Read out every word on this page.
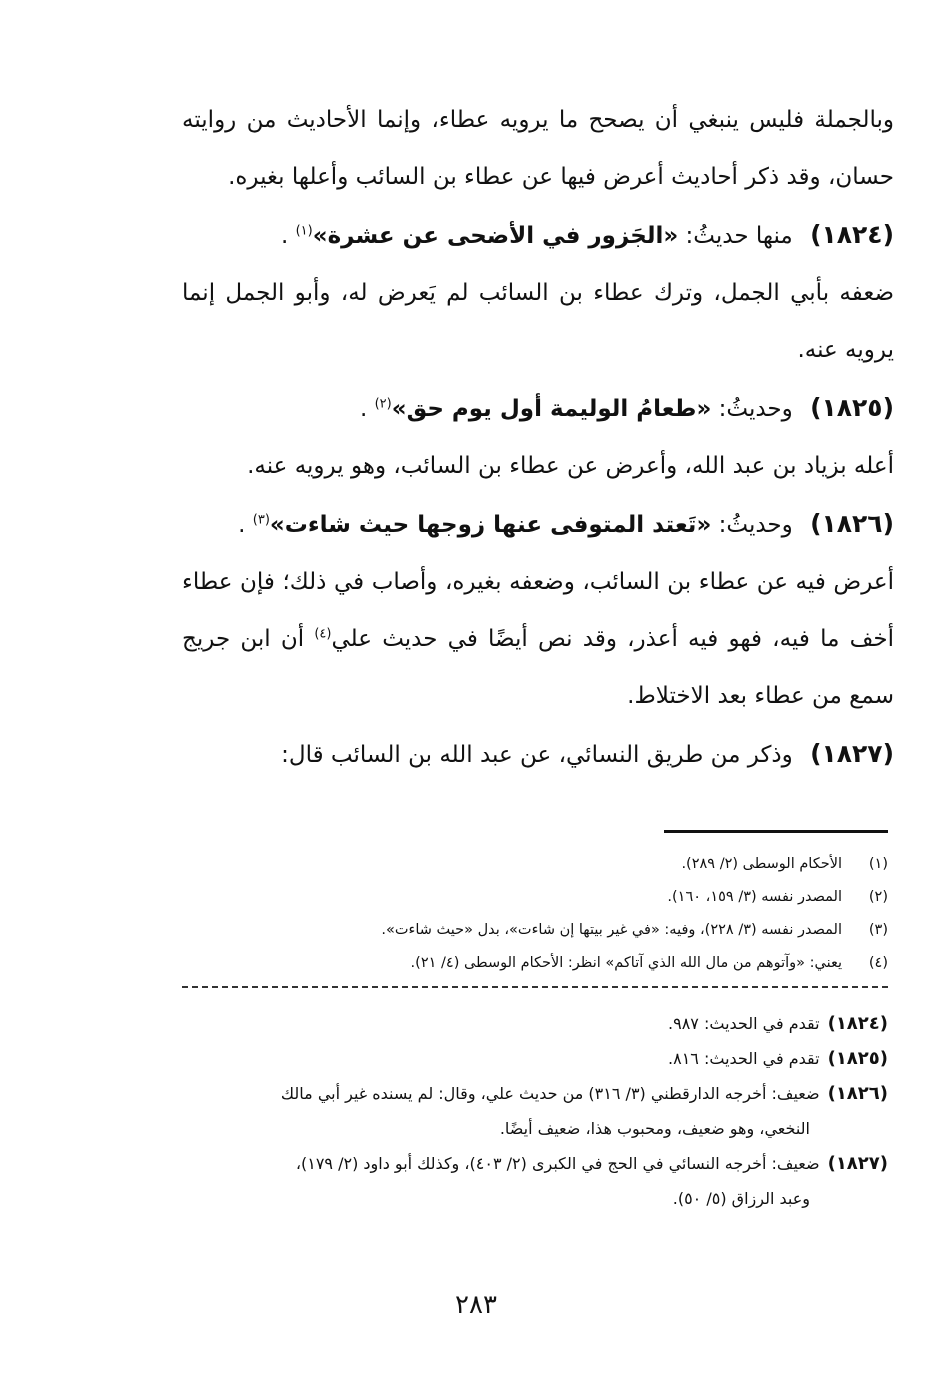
وبالجملة فليس ينبغي أن يصحح ما يرويه عطاء، وإنما الأحاديث من روايته حسان، وقد ذكر أحاديث أعرض فيها عن عطاء بن السائب وأعلها بغيره.

(١٨٢٤) منها حديثُ: «الجَزور في الأضحى عن عشرة»$^{(١)}$ .

ضعفه بأبي الجمل، وترك عطاء بن السائب لم يَعرض له، وأبو الجمل إنما يرويه عنه.

(١٨٢٥) وحديثُ: «طعامُ الوليمة أول يوم حق»$^{(٢)}$ .

أعله بزياد بن عبد الله، وأعرض عن عطاء بن السائب، وهو يرويه عنه.

(١٨٢٦) وحديثُ: «تَعتد المتوفى عنها زوجها حيث شاءت»$^{(٣)}$ .

أعرض فيه عن عطاء بن السائب، وضعفه بغيره، وأصاب في ذلك؛ فإن عطاء أخف ما فيه، فهو فيه أعذر، وقد نص أيضًا في حديث علي$^{(٤)}$ أن ابن جريج سمع من عطاء بعد الاختلاط.

(١٨٢٧) وذكر من طريق النسائي، عن عبد الله بن السائب قال:

(١)الأحكام الوسطى (٢/ ٢٨٩).
(٢)المصدر نفسه (٣/ ١٥٩، ١٦٠).
(٣)المصدر نفسه (٣/ ٢٢٨)، وفيه: «في غير بيتها إن شاءت»، بدل «حيث شاءت».
(٤)يعني: «وآتوهم من مال الله الذي آتاكم» انظر: الأحكام الوسطى (٤/ ٢١).
(١٨٢٤)تقدم في الحديث: ٩٨٧.
(١٨٢٥)تقدم في الحديث: ٨١٦.
(١٨٢٦)ضعيف: أخرجه الدارقطني (٣/ ٣١٦) من حديث علي، وقال: لم يسنده غير أبي مالك
النخعي، وهو ضعيف، ومحبوب هذا، ضعيف أيضًا.
(١٨٢٧)ضعيف: أخرجه النسائي في الحج في الكبرى (٢/ ٤٠٣)، وكذلك أبو داود (٢/ ١٧٩)،
وعبد الرزاق (٥/ ٥٠).
٢٨٣
